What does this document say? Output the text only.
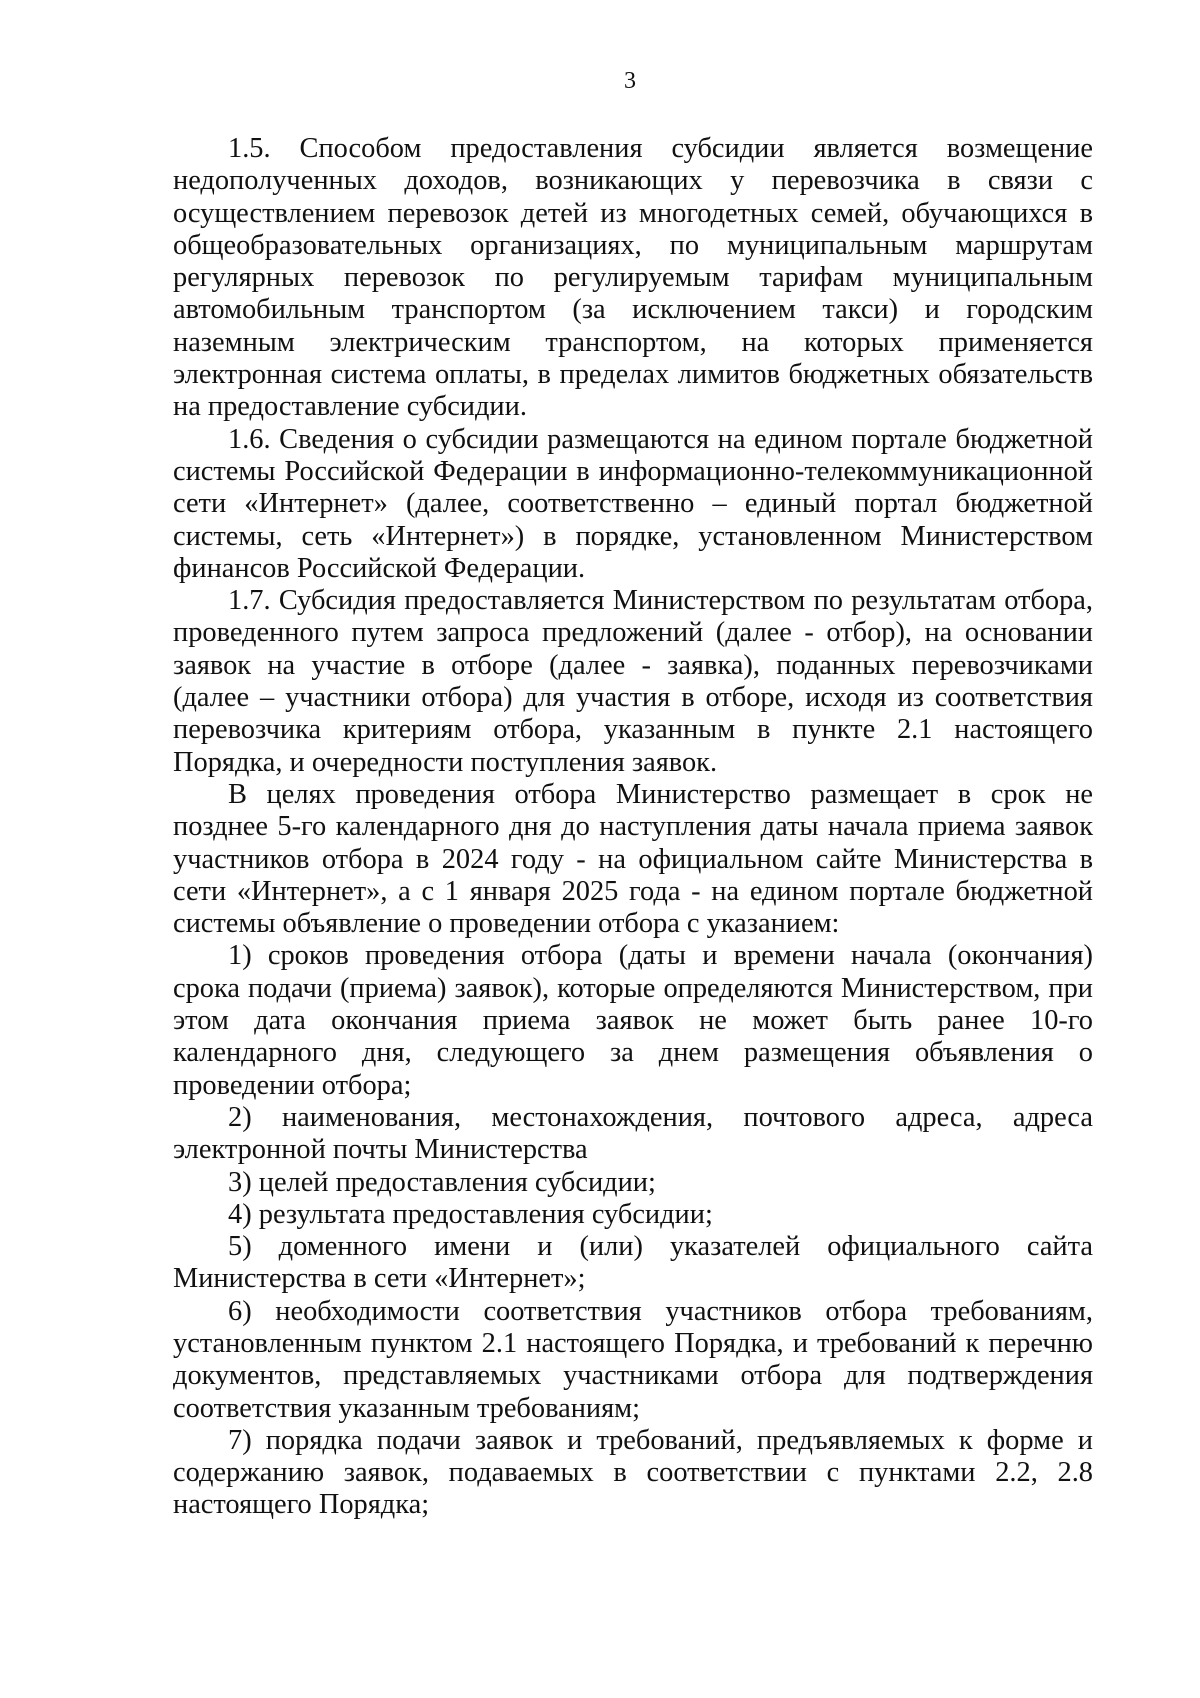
3

1.5. Способом предоставления субсидии является возмещение недополученных доходов, возникающих у перевозчика в связи с осуществлением перевозок детей из многодетных семей, обучающихся в общеобразовательных организациях, по муниципальным маршрутам регулярных перевозок по регулируемым тарифам муниципальным автомобильным транспортом (за исключением такси) и городским наземным электрическим транспортом, на которых применяется электронная система оплаты, в пределах лимитов бюджетных обязательств на предоставление субсидии.

1.6. Сведения о субсидии размещаются на едином портале бюджетной системы Российской Федерации в информационно-телекоммуникационной сети «Интернет» (далее, соответственно – единый портал бюджетной системы, сеть «Интернет») в порядке, установленном Министерством финансов Российской Федерации.

1.7. Субсидия предоставляется Министерством по результатам отбора, проведенного путем запроса предложений (далее - отбор), на основании заявок на участие в отборе (далее - заявка), поданных перевозчиками (далее – участники отбора) для участия в отборе, исходя из соответствия перевозчика критериям отбора, указанным в пункте 2.1 настоящего Порядка, и очередности поступления заявок.

В целях проведения отбора Министерство размещает в срок не позднее 5-го календарного дня до наступления даты начала приема заявок участников отбора в 2024 году - на официальном сайте Министерства в сети «Интернет», а с 1 января 2025 года - на едином портале бюджетной системы объявление о проведении отбора с указанием:

1) сроков проведения отбора (даты и времени начала (окончания) срока подачи (приема) заявок), которые определяются Министерством, при этом дата окончания приема заявок не может быть ранее 10-го календарного дня, следующего за днем размещения объявления о проведении отбора;

2) наименования, местонахождения, почтового адреса, адреса электронной почты Министерства

3) целей предоставления субсидии;

4) результата предоставления субсидии;

5) доменного имени и (или) указателей официального сайта Министерства в сети «Интернет»;

6) необходимости соответствия участников отбора требованиям, установленным пунктом 2.1 настоящего Порядка, и требований к перечню документов, представляемых участниками отбора для подтверждения соответствия указанным требованиям;

7) порядка подачи заявок и требований, предъявляемых к форме и содержанию заявок, подаваемых в соответствии с пунктами 2.2, 2.8 настоящего Порядка;
